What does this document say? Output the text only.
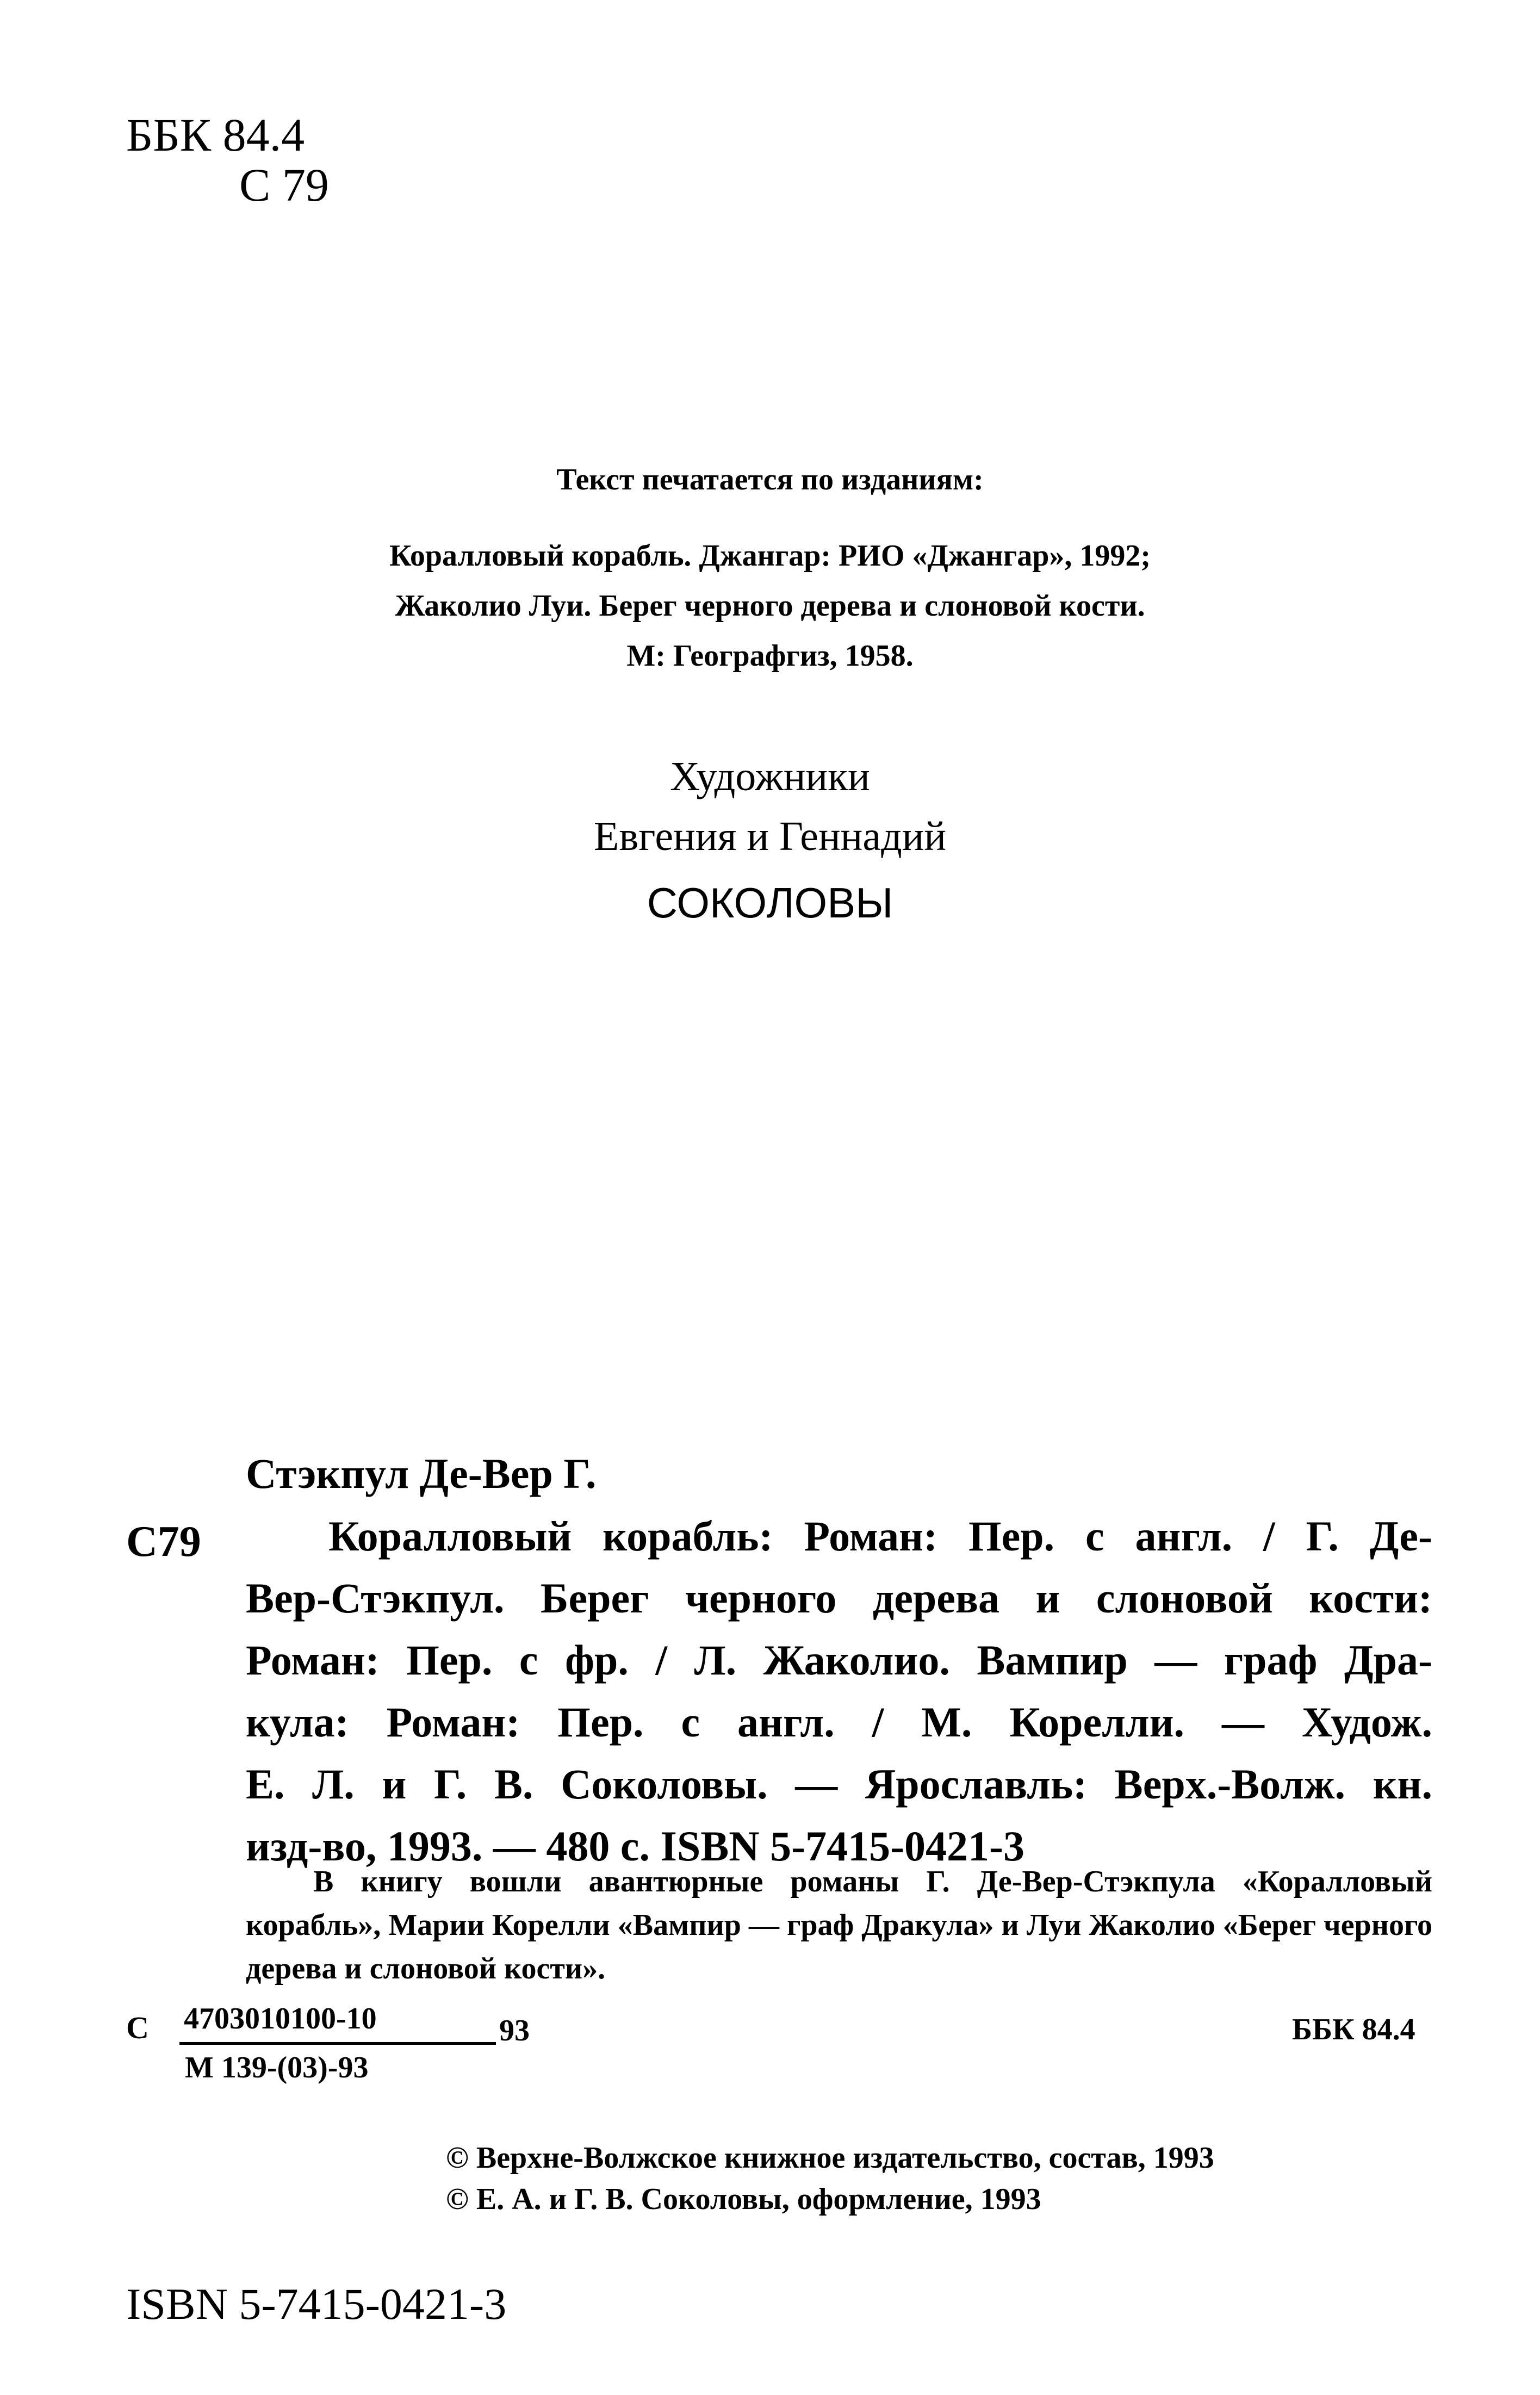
ББК 84.4
С 79
Текст печатается по изданиям:
Коралловый корабль. Джангар: РИО «Джангар», 1992;
Жаколио Луи. Берег черного дерева и слоновой кости.
М: Географгиз, 1958.
Художники
Евгения и Геннадий
СОКОЛОВЫ
Стэкпул Де-Вер Г.
С79	Коралловый корабль: Роман: Пер. с англ. / Г. Де-
Вер-Стэкпул. Берег черного дерева и слоновой кости:
Роман: Пер. с фр. / Л. Жаколио. Вампир — граф Дра-
кула: Роман: Пер. с англ. / М. Корелли. — Худож.
Е. Л. и Г. В. Соколовы. — Ярославль: Верх.-Волж. кн.
изд-во, 1993. — 480 с. ISBN 5-7415-0421-3

В книгу вошли авантюрные романы Г. Де-Вер-Стэкпула «Коралловый корабль», Марии Корелли «Вампир — граф Дракула» и Луи Жаколио «Берег черного дерева и слоновой кости».

С 4703010100-10	93
М 139-(03)-93
ББК 84.4
© Верхне-Волжское книжное издательство, состав, 1993
© Е. А. и Г. В. Соколовы, оформление, 1993
ISBN 5-7415-0421-3
